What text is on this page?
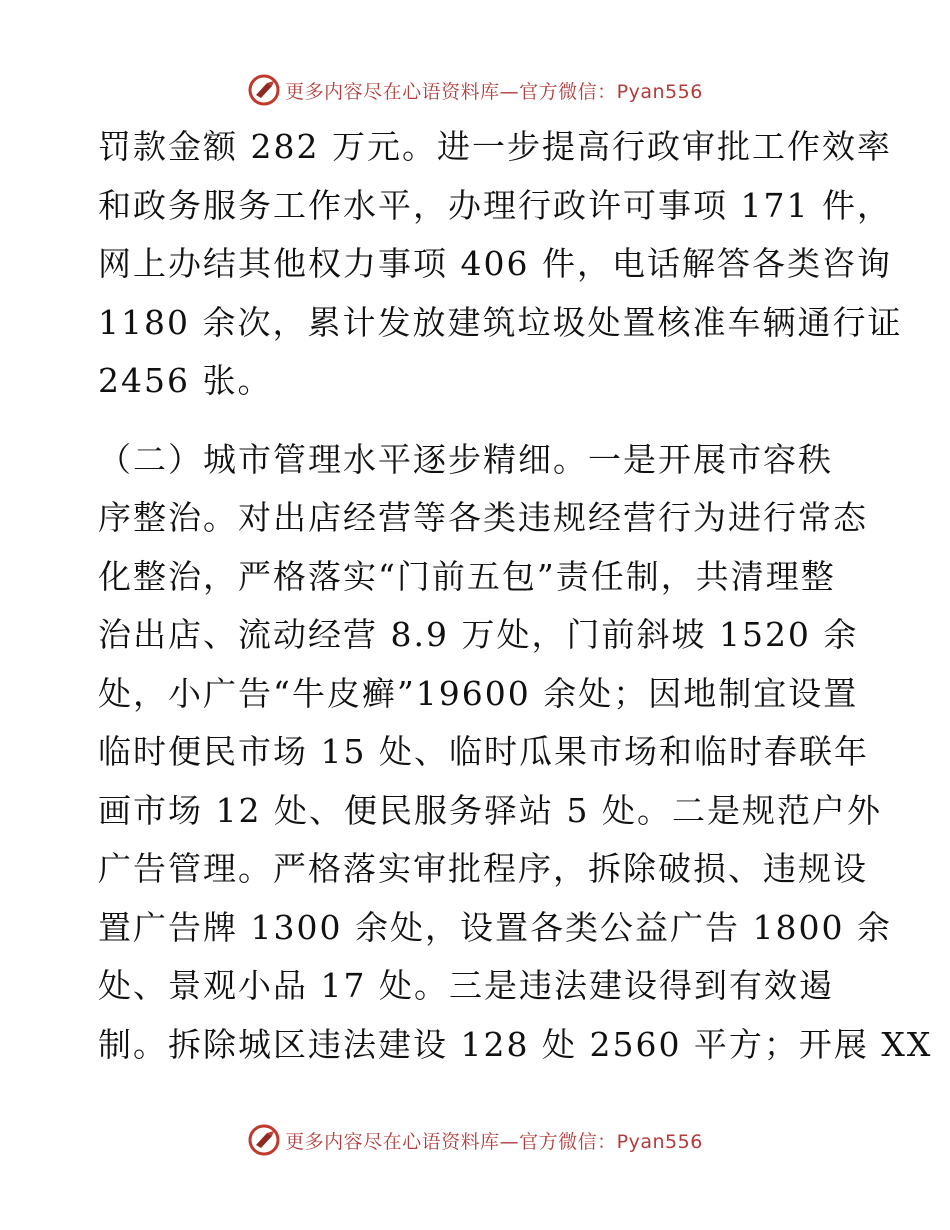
更多内容尽在心语资料库—官方微信：Pyan556
罚款金额 282 万元。进一步提高行政审批工作效率
和政务服务工作水平，办理行政许可事项 171 件，
网上办结其他权力事项 406 件，电话解答各类咨询
1180 余次，累计发放建筑垃圾处置核准车辆通行证
2456 张。
（二）城市管理水平逐步精细。一是开展市容秩
序整治。对出店经营等各类违规经营行为进行常态
化整治，严格落实“门前五包”责任制，共清理整
治出店、流动经营 8.9 万处，门前斜坡 1520 余
处，小广告“牛皮癣”19600 余处；因地制宜设置
临时便民市场 15 处、临时瓜果市场和临时春联年
画市场 12 处、便民服务驿站 5 处。二是规范户外
广告管理。严格落实审批程序，拆除破损、违规设
置广告牌 1300 余处，设置各类公益广告 1800 余
处、景观小品 17 处。三是违法建设得到有效遏
制。拆除城区违法建设 128 处 2560 平方；开展 XX
更多内容尽在心语资料库—官方微信：Pyan556
